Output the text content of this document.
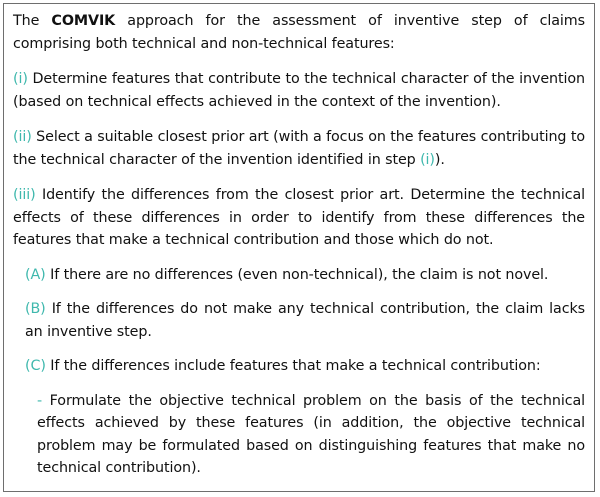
The COMVIK approach for the assessment of inventive step of claims comprising both technical and non-technical features:

(i) Determine features that contribute to the technical character of the invention (based on technical effects achieved in the context of the invention).

(ii) Select a suitable closest prior art (with a focus on the features contributing to the technical character of the invention identified in step (i)).

(iii) Identify the differences from the closest prior art. Determine the technical effects of these differences in order to identify from these differences the features that make a technical contribution and those which do not.

(A) If there are no differences (even non-technical), the claim is not novel.

(B) If the differences do not make any technical contribution, the claim lacks an inventive step.

(C) If the differences include features that make a technical contribution:

- Formulate the objective technical problem on the basis of the technical effects achieved by these features (in addition, the objective technical problem may be formulated based on distinguishing features that make no technical contribution).
